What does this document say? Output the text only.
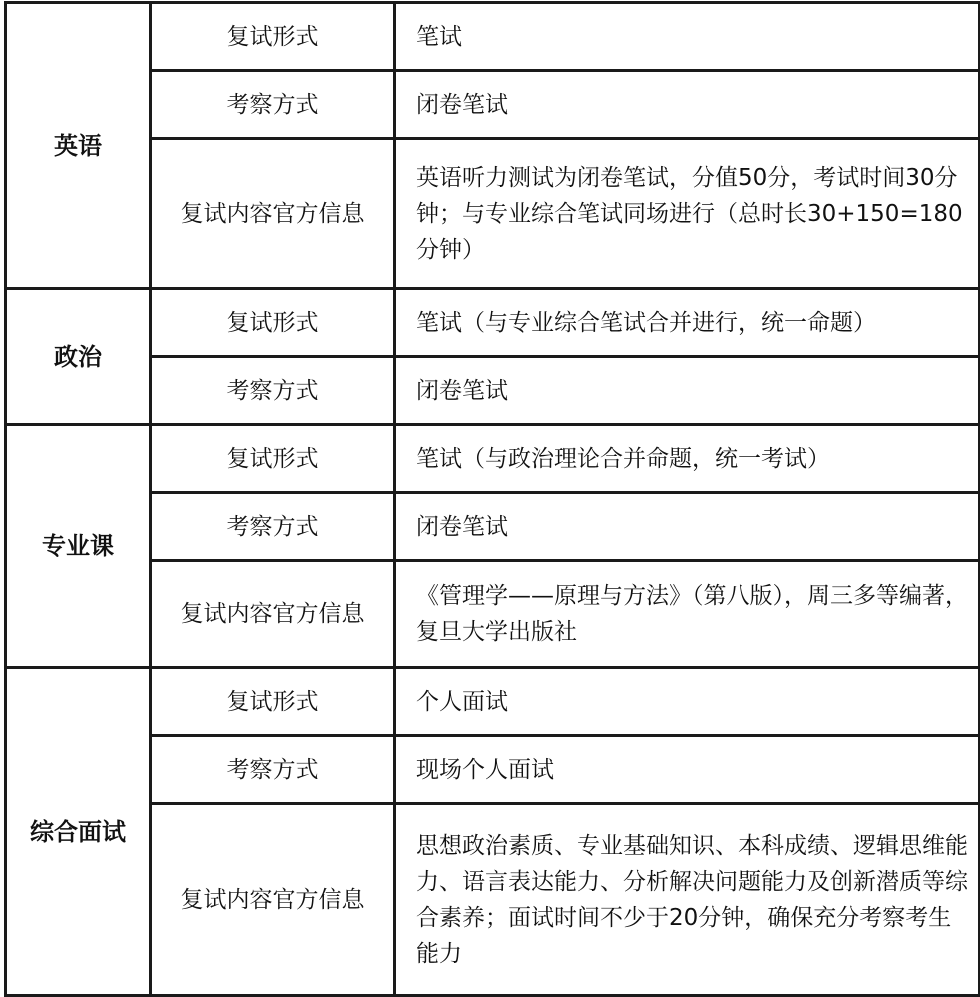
英语	复试形式	笔试
	考察方式	闭卷笔试
	复试内容官方信息	英语听力测试为闭卷笔试，分值50分，考试时间30分钟；与专业综合笔试同场进行（总时长30+150=180分钟）
政治	复试形式	笔试（与专业综合笔试合并进行，统一命题）
	考察方式	闭卷笔试
专业课	复试形式	笔试（与政治理论合并命题，统一考试）
	考察方式	闭卷笔试
	复试内容官方信息	《管理学——原理与方法》（第八版），周三多等编著，复旦大学出版社
综合面试	复试形式	个人面试
	考察方式	现场个人面试
	复试内容官方信息	思想政治素质、专业基础知识、本科成绩、逻辑思维能力、语言表达能力、分析解决问题能力及创新潜质等综合素养；面试时间不少于20分钟，确保充分考察考生能力
